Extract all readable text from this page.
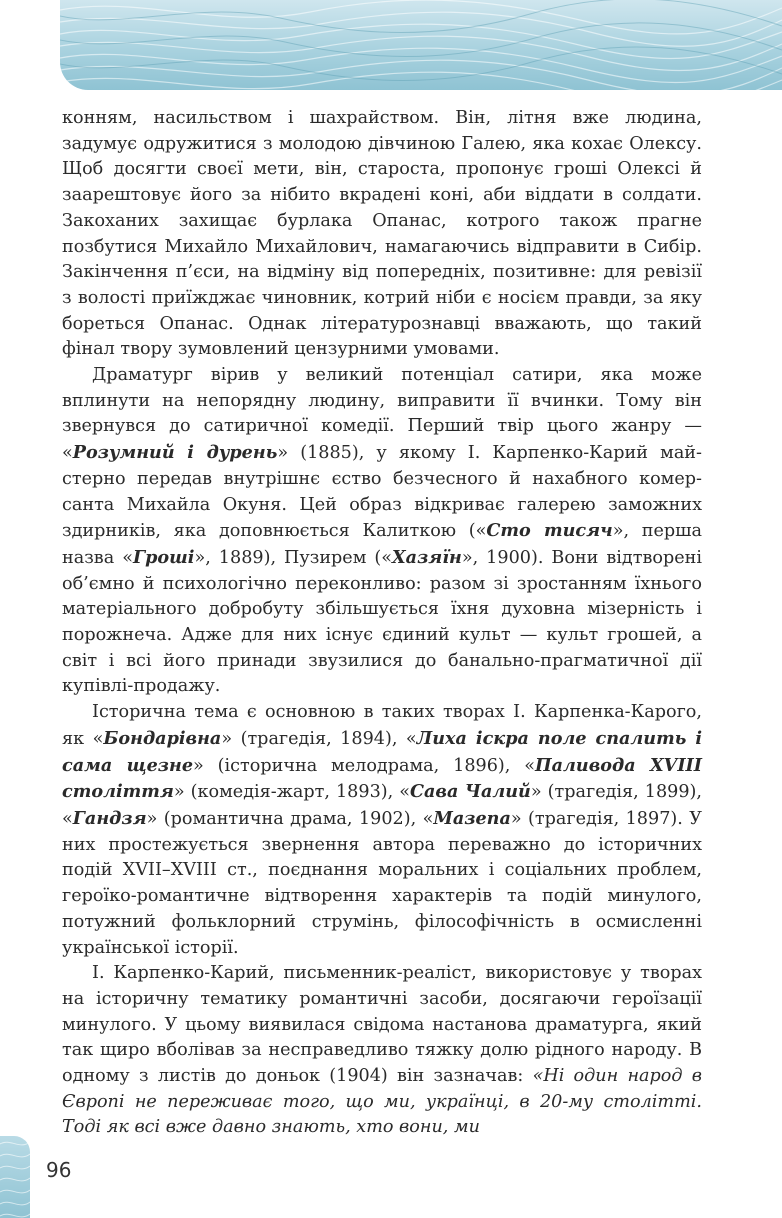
конням, насильством і шахрайством. Він, літня вже людина, задумує одружитися з молодою дівчиною Галею, яка кохає Олексу. Щоб досягти своєї мети, він, староста, пропонує гроші Олексі й заарештовує його за нібито вкрадені коні, аби віддати в солдати. Закоханих захищає бурлака Опанас, котрого також прагне позбутися Михайло Михайлович, намагаючись відправити в Сибір. Закінчення п’єси, на відміну від попередніх, позитивне: для ревізії з волості приїжджає чиновник, котрий ніби є носієм правди, за яку бореться Опанас. Однак літературознавці вважають, що такий фінал твору зумовлений цензурними умовами.

Драматург вірив у великий потенціал сатири, яка може вплинути на непорядну людину, виправити її вчинки. Тому він звернувся до сатиричної комедії. Перший твір цього жанру — «Розумний і дурень» (1885), у якому І. Карпенко-Карий майстерно передав внутрішнє єство безчесного й нахабного комерсанта Михайла Окуня. Цей образ відкриває галерею заможних здирників, яка доповнюється Калиткою («Сто тисяч», перша назва «Гроші», 1889), Пузирем («Хазяїн», 1900). Вони відтворені об’ємно й психологічно переконливо: разом зі зростанням їхнього матеріального добробуту збільшується їхня духовна мізерність і порожнеча. Адже для них існує єдиний культ — культ грошей, а світ і всі його принади звузилися до банально-прагматичної дії купівлі-продажу.

Історична тема є основною в таких творах І. Карпенка-Карого, як «Бондарівна» (трагедія, 1894), «Лиха іскра поле спалить і сама щезне» (історична мелодрама, 1896), «Паливода XVIII століття» (комедія-жарт, 1893), «Сава Чалий» (трагедія, 1899), «Гандзя» (романтична драма, 1902), «Мазепа» (трагедія, 1897). У них простежується звернення автора переважно до історичних подій XVII–XVIII ст., поєднання моральних і соціальних проблем, героїко-романтичне відтворення характерів та подій минулого, потужний фольклорний струмінь, філософічність в осмисленні української історії.

І. Карпенко-Карий, письменник-реаліст, використовує у творах на історичну тематику романтичні засоби, досягаючи героїзації минулого. У цьому виявилася свідома настанова драматурга, який так щиро вболівав за несправедливо тяжку долю рідного народу. В одному з листів до доньок (1904) він зазначав: «Ні один народ в Європі не переживає того, що ми, українці, в 20-му столітті. Тоді як всі вже давно знають, хто вони, ми

96
